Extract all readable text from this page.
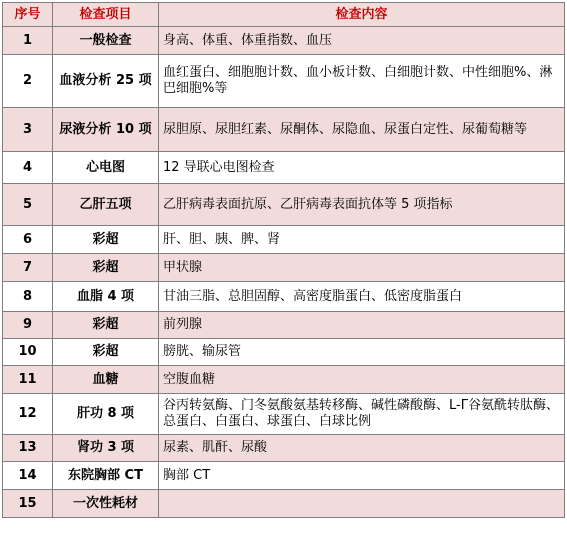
序号	检查项目	检查内容
1	一般检查	身高、体重、体重指数、血压
2	血液分析 25 项	血红蛋白、细胞胞计数、血小板计数、白细胞计数、中性细胞%、淋巴细胞%等
3	尿液分析 10 项	尿胆原、尿胆红素、尿酮体、尿隐血、尿蛋白定性、尿葡萄糖等
4	心电图	12 导联心电图检查
5	乙肝五项	乙肝病毒表面抗原、乙肝病毒表面抗体等 5 项指标
6	彩超	肝、胆、胰、脾、肾
7	彩超	甲状腺
8	血脂 4 项	甘油三脂、总胆固醇、高密度脂蛋白、低密度脂蛋白
9	彩超	前列腺
10	彩超	膀胱、输尿管
11	血糖	空腹血糖
12	肝功 8 项	谷丙转氨酶、门冬氨酸氨基转移酶、碱性磷酸酶、L-Γ谷氨酰转肽酶、总蛋白、白蛋白、球蛋白、白球比例
13	肾功 3 项	尿素、肌酐、尿酸
14	东院胸部 CT	胸部 CT
15	一次性耗材	
